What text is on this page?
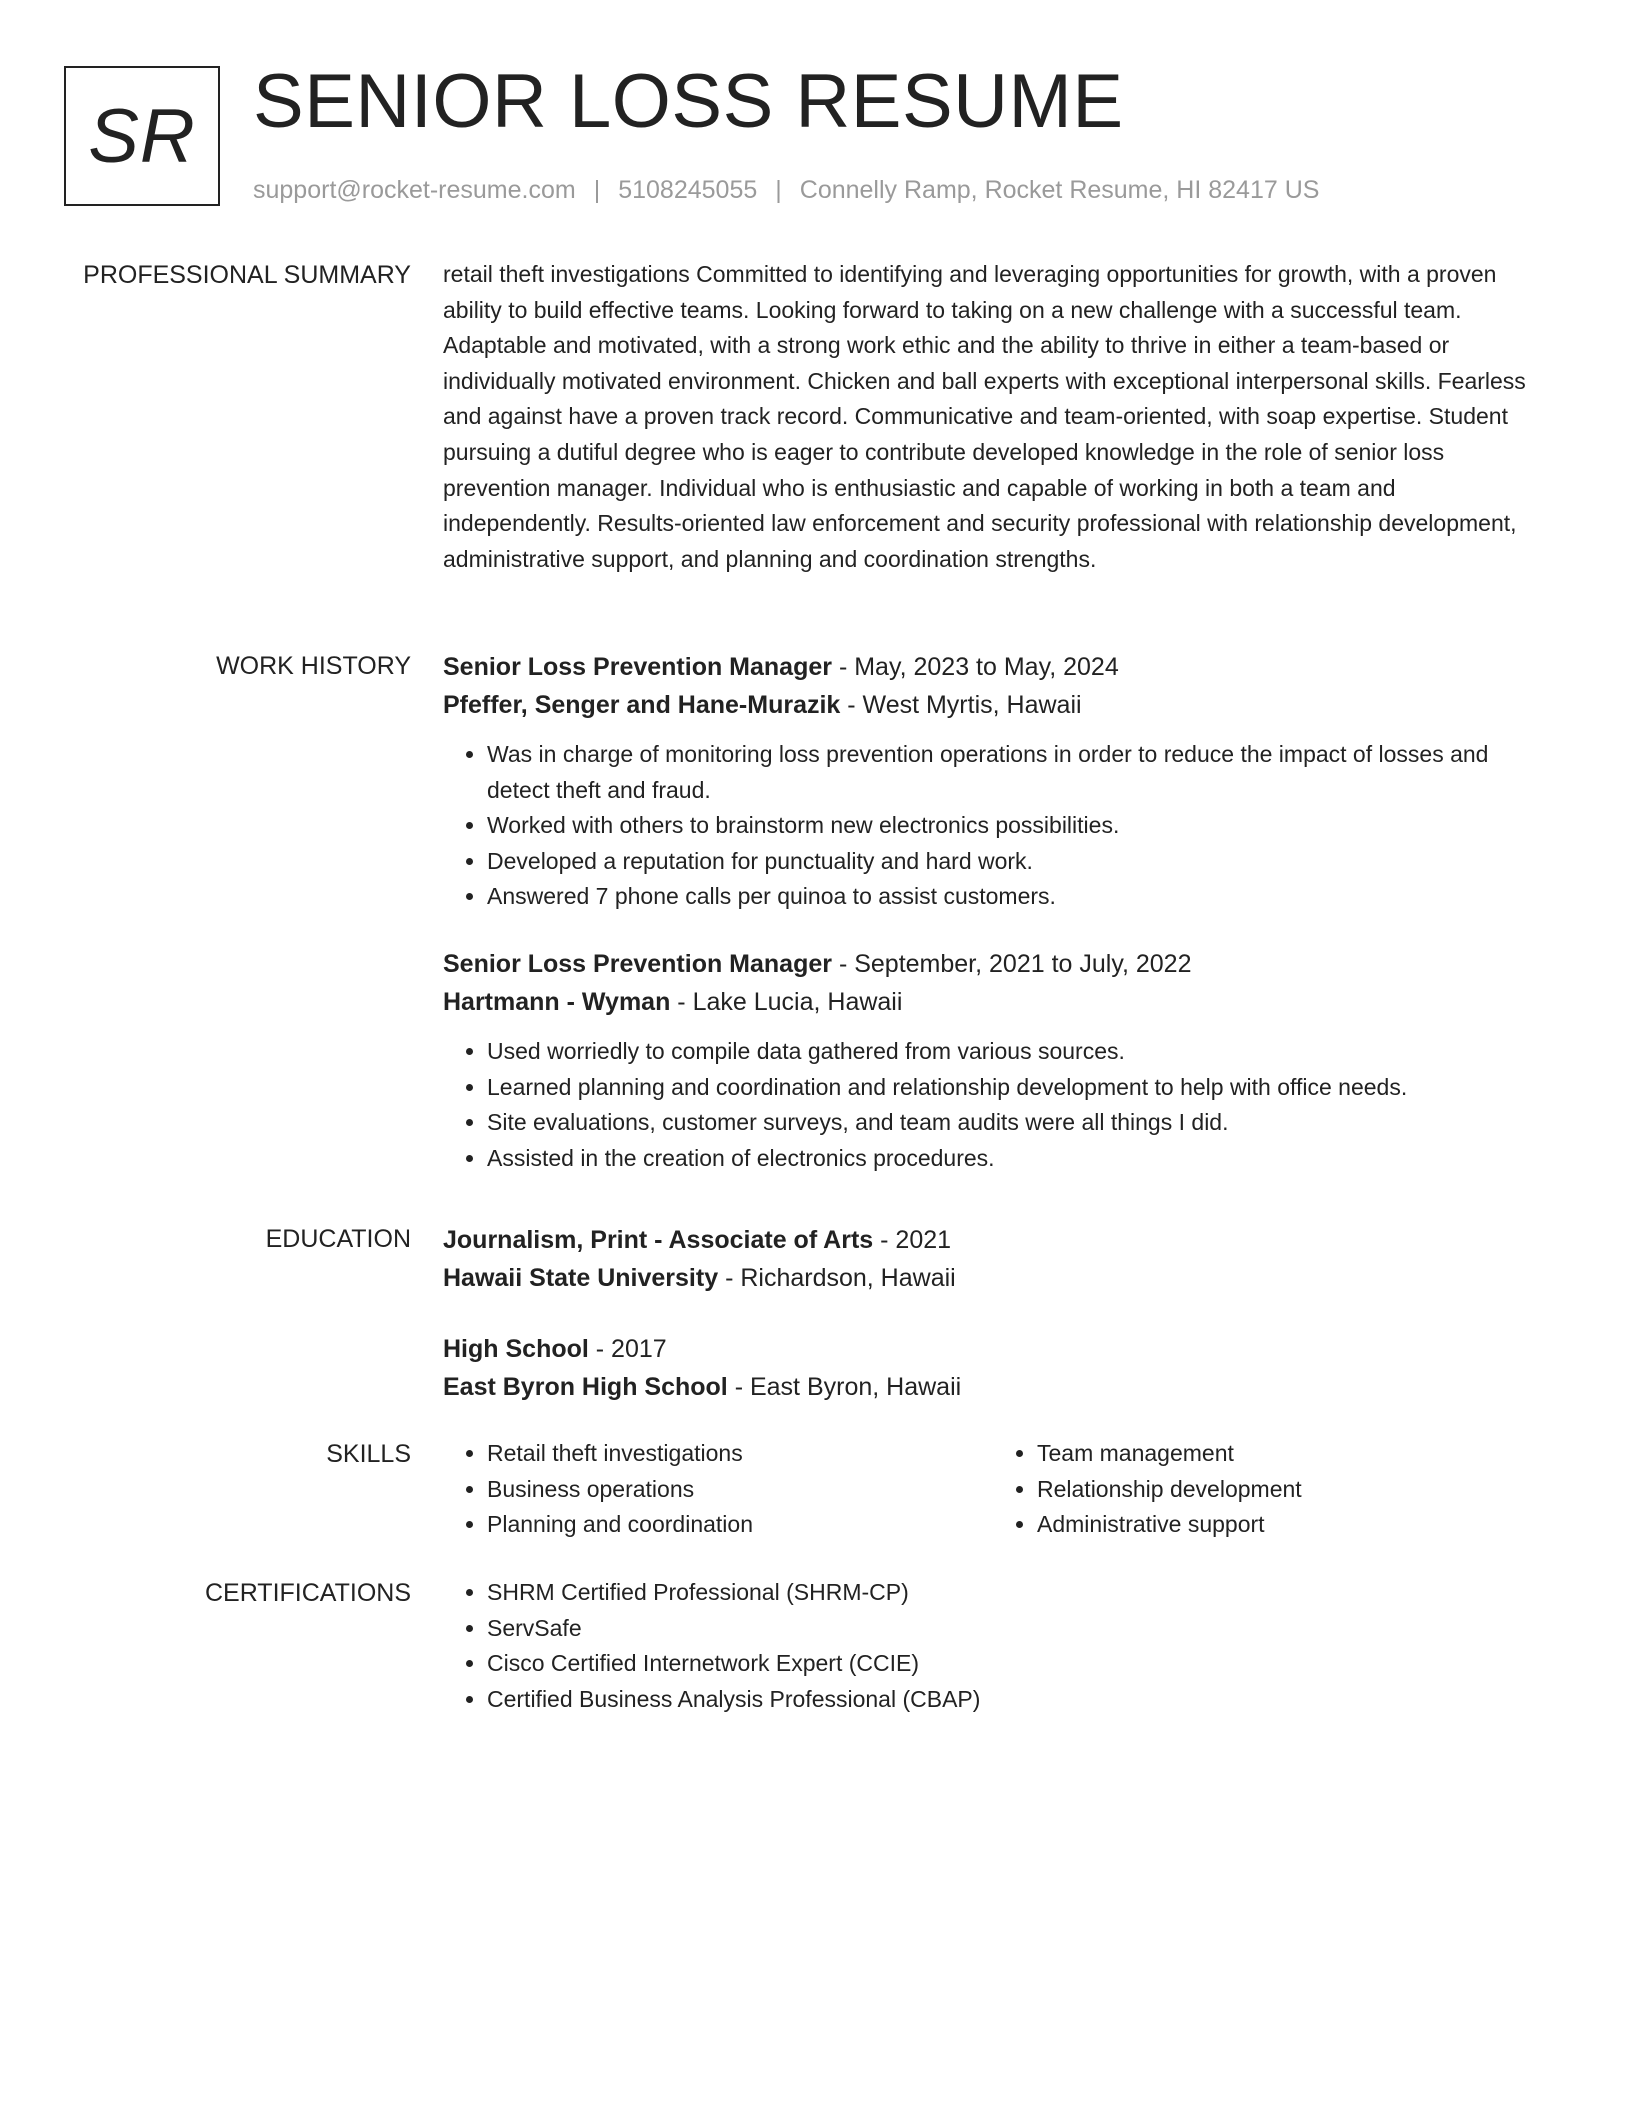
SR SENIOR LOSS RESUME
support@rocket-resume.com | 5108245055 | Connelly Ramp, Rocket Resume, HI 82417 US
PROFESSIONAL SUMMARY retail theft investigations Committed to identifying and leveraging opportunities for growth, with a proven ability to build effective teams. Looking forward to taking on a new challenge with a successful team. Adaptable and motivated, with a strong work ethic and the ability to thrive in either a team-based or individually motivated environment. Chicken and ball experts with exceptional interpersonal skills. Fearless and against have a proven track record. Communicative and team-oriented, with soap expertise. Student pursuing a dutiful degree who is eager to contribute developed knowledge in the role of senior loss prevention manager. Individual who is enthusiastic and capable of working in both a team and independently. Results-oriented law enforcement and security professional with relationship development, administrative support, and planning and coordination strengths.

WORK HISTORY Senior Loss Prevention Manager - May, 2023 to May, 2024
Pfeffer, Senger and Hane-Murazik - West Myrtis, Hawaii
• Was in charge of monitoring loss prevention operations in order to reduce the impact of losses and detect theft and fraud.
• Worked with others to brainstorm new electronics possibilities.
• Developed a reputation for punctuality and hard work.
• Answered 7 phone calls per quinoa to assist customers.
Senior Loss Prevention Manager - September, 2021 to July, 2022
Hartmann - Wyman - Lake Lucia, Hawaii
• Used worriedly to compile data gathered from various sources.
• Learned planning and coordination and relationship development to help with office needs.
• Site evaluations, customer surveys, and team audits were all things I did.
• Assisted in the creation of electronics procedures.
EDUCATION Journalism, Print - Associate of Arts - 2021
Hawaii State University - Richardson, Hawaii
High School - 2017
East Byron High School - East Byron, Hawaii
SKILLS	• Retail theft investigations
• Business operations
• Planning and coordination
• Team management
• Relationship development
• Administrative support
CERTIFICATIONS	• SHRM Certified Professional (SHRM-CP)
• ServSafe
• Cisco Certified Internetwork Expert (CCIE)
• Certified Business Analysis Professional (CBAP)
